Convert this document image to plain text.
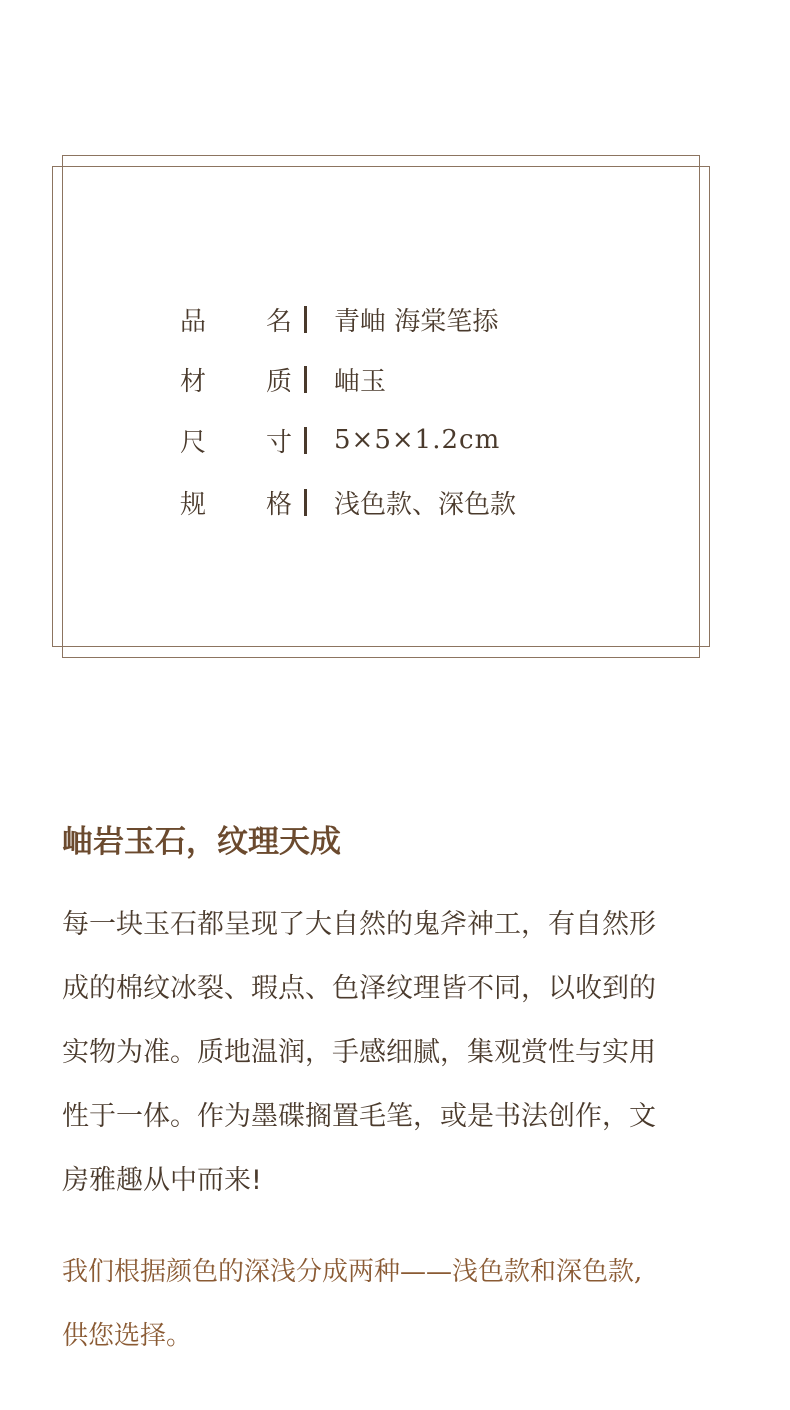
品 名 青岫 海棠笔掭
材 质 岫玉
尺 寸 5×5×1.2cm
规 格 浅色款、深色款
岫岩玉石，纹理天成
每一块玉石都呈现了大自然的鬼斧神工，有自然形
成的棉纹冰裂、瑕点、色泽纹理皆不同，以收到的
实物为准。质地温润，手感细腻，集观赏性与实用
性于一体。作为墨碟搁置毛笔，或是书法创作，文
房雅趣从中而来!
我们根据颜色的深浅分成两种——浅色款和深色款,
供您选择。
